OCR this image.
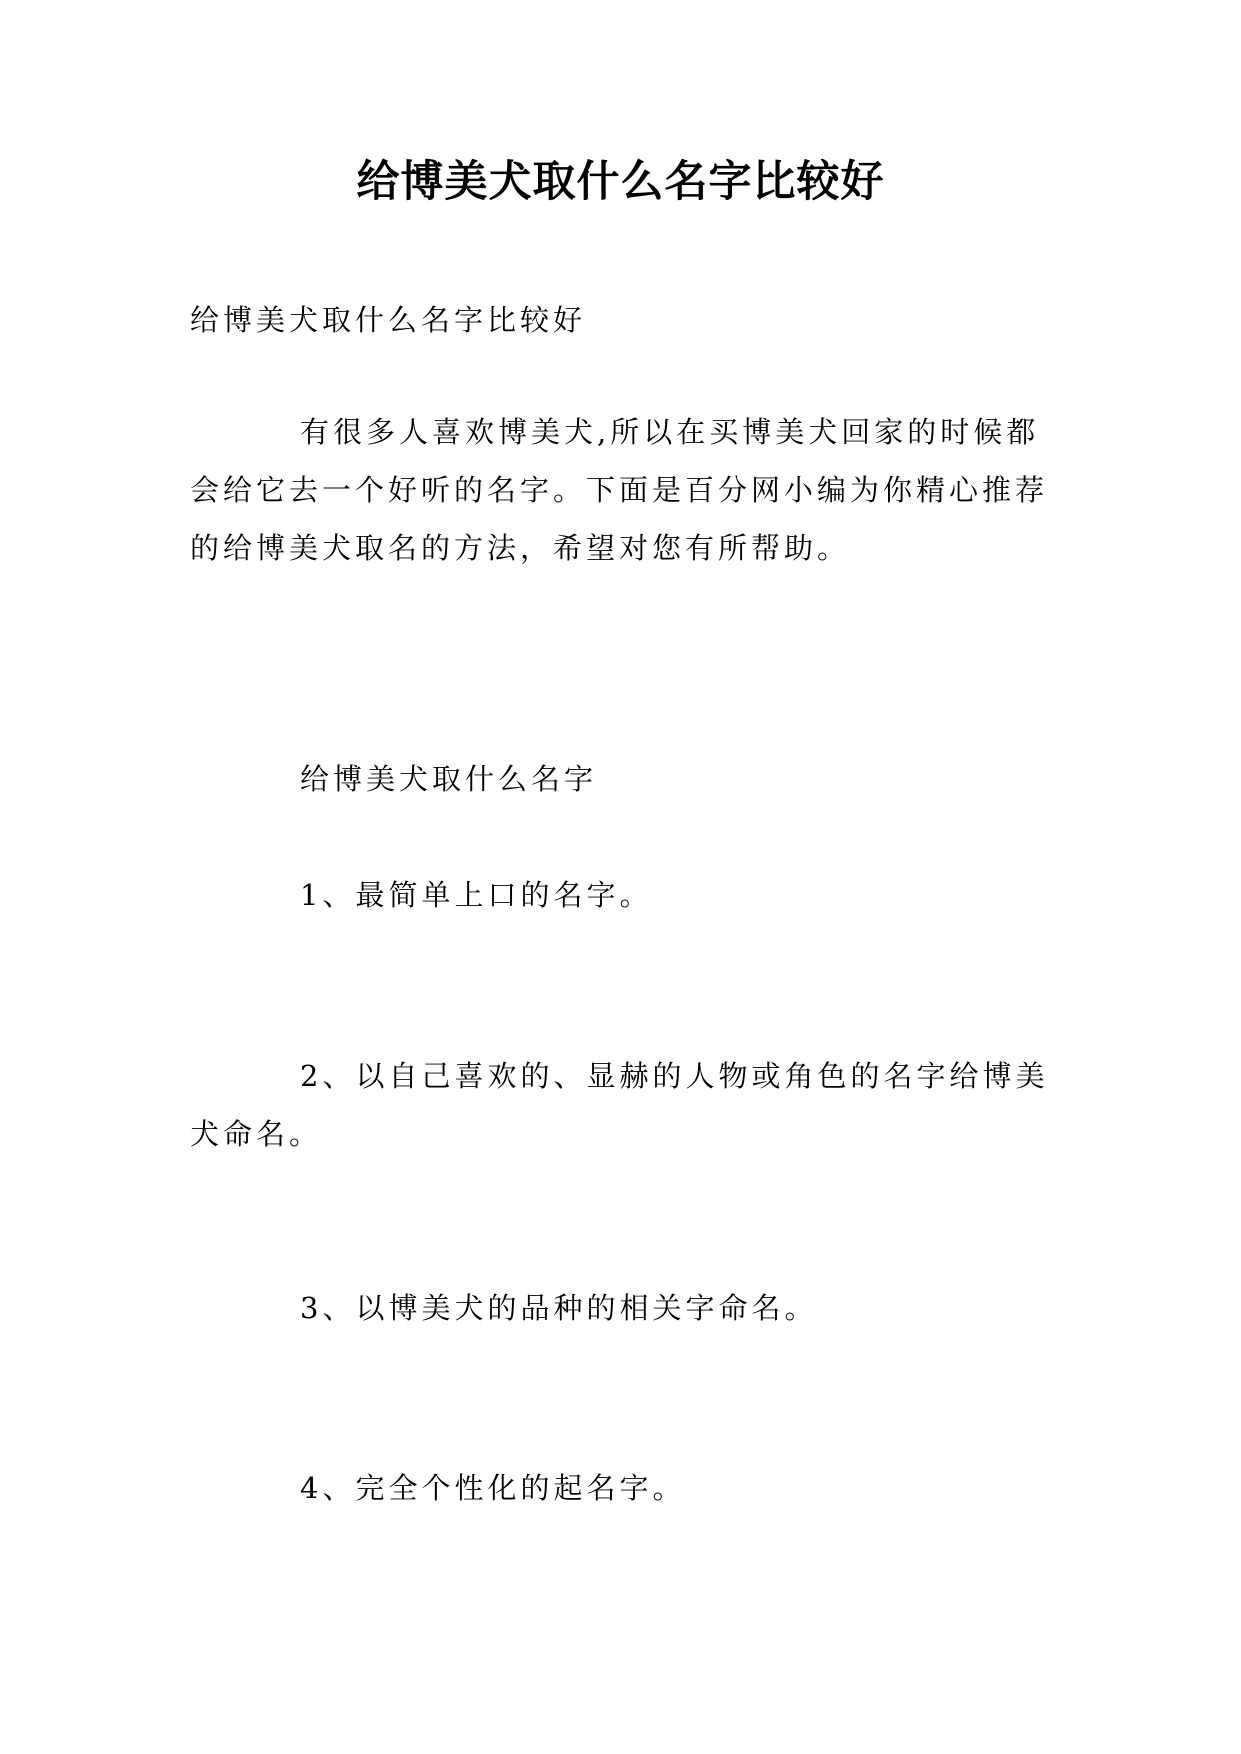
给博美犬取什么名字比较好

给博美犬取什么名字比较好

有很多人喜欢博美犬,所以在买博美犬回家的时候都会给它去一个好听的名字。下面是百分网小编为你精心推荐的给博美犬取名的方法，希望对您有所帮助。

给博美犬取什么名字

1、最简单上口的名字。

2、以自己喜欢的、显赫的人物或角色的名字给博美犬命名。

3、以博美犬的品种的相关字命名。

4、完全个性化的起名字。
